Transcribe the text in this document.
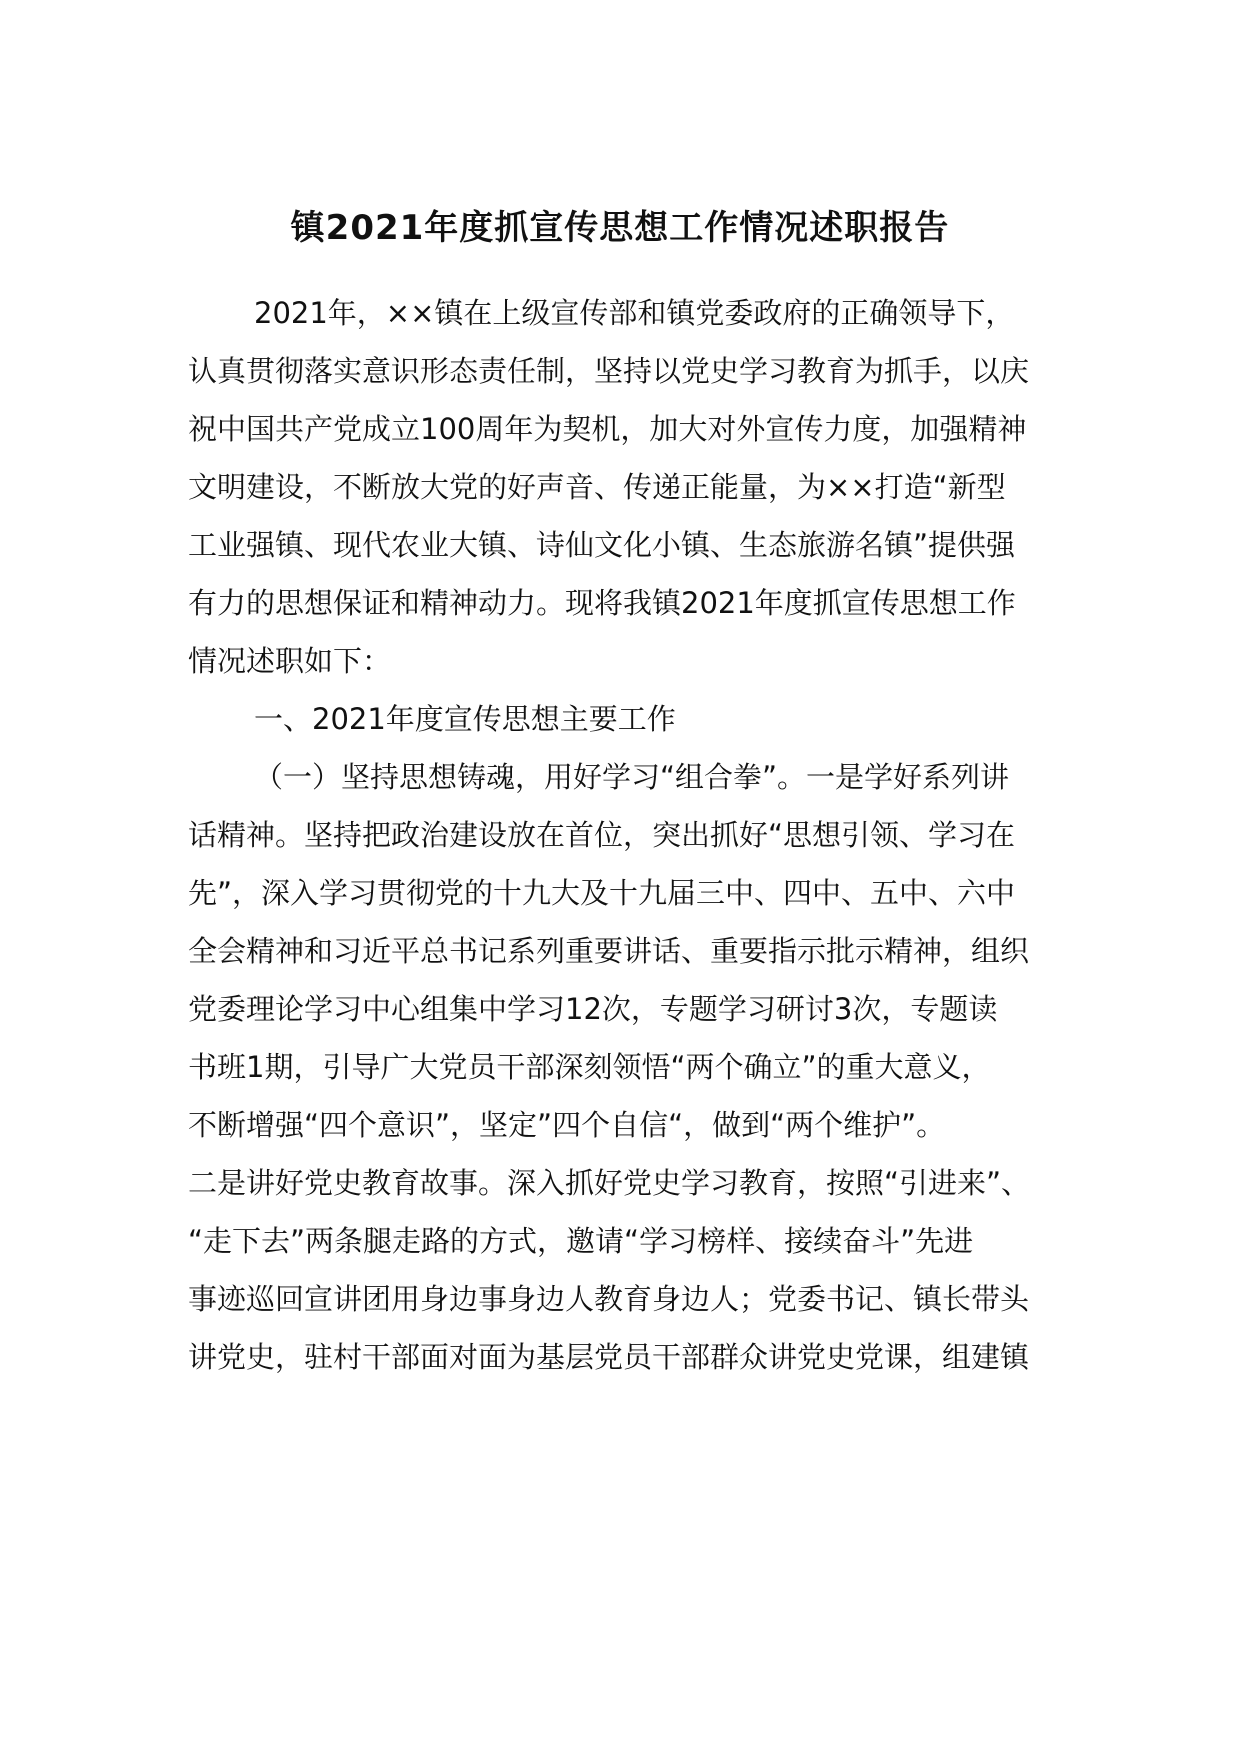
镇2021年度抓宣传思想工作情况述职报告
2021年，××镇在上级宣传部和镇党委政府的正确领导下，
认真贯彻落实意识形态责任制，坚持以党史学习教育为抓手，以庆
祝中国共产党成立100周年为契机，加大对外宣传力度，加强精神
文明建设，不断放大党的好声音、传递正能量，为××打造“新型
工业强镇、现代农业大镇、诗仙文化小镇、生态旅游名镇”提供强
有力的思想保证和精神动力。现将我镇2021年度抓宣传思想工作
情况述职如下：
一、2021年度宣传思想主要工作
（一）坚持思想铸魂，用好学习“组合拳”。一是学好系列讲
话精神。坚持把政治建设放在首位，突出抓好“思想引领、学习在
先”，深入学习贯彻党的十九大及十九届三中、四中、五中、六中
全会精神和习近平总书记系列重要讲话、重要指示批示精神，组织
党委理论学习中心组集中学习12次，专题学习研讨3次，专题读
书班1期，引导广大党员干部深刻领悟“两个确立”的重大意义，
不断增强“四个意识”，坚定”四个自信“，做到“两个维护”。
二是讲好党史教育故事。深入抓好党史学习教育，按照“引进来”、
“走下去”两条腿走路的方式，邀请“学习榜样、接续奋斗”先进
事迹巡回宣讲团用身边事身边人教育身边人；党委书记、镇长带头
讲党史，驻村干部面对面为基层党员干部群众讲党史党课，组建镇
